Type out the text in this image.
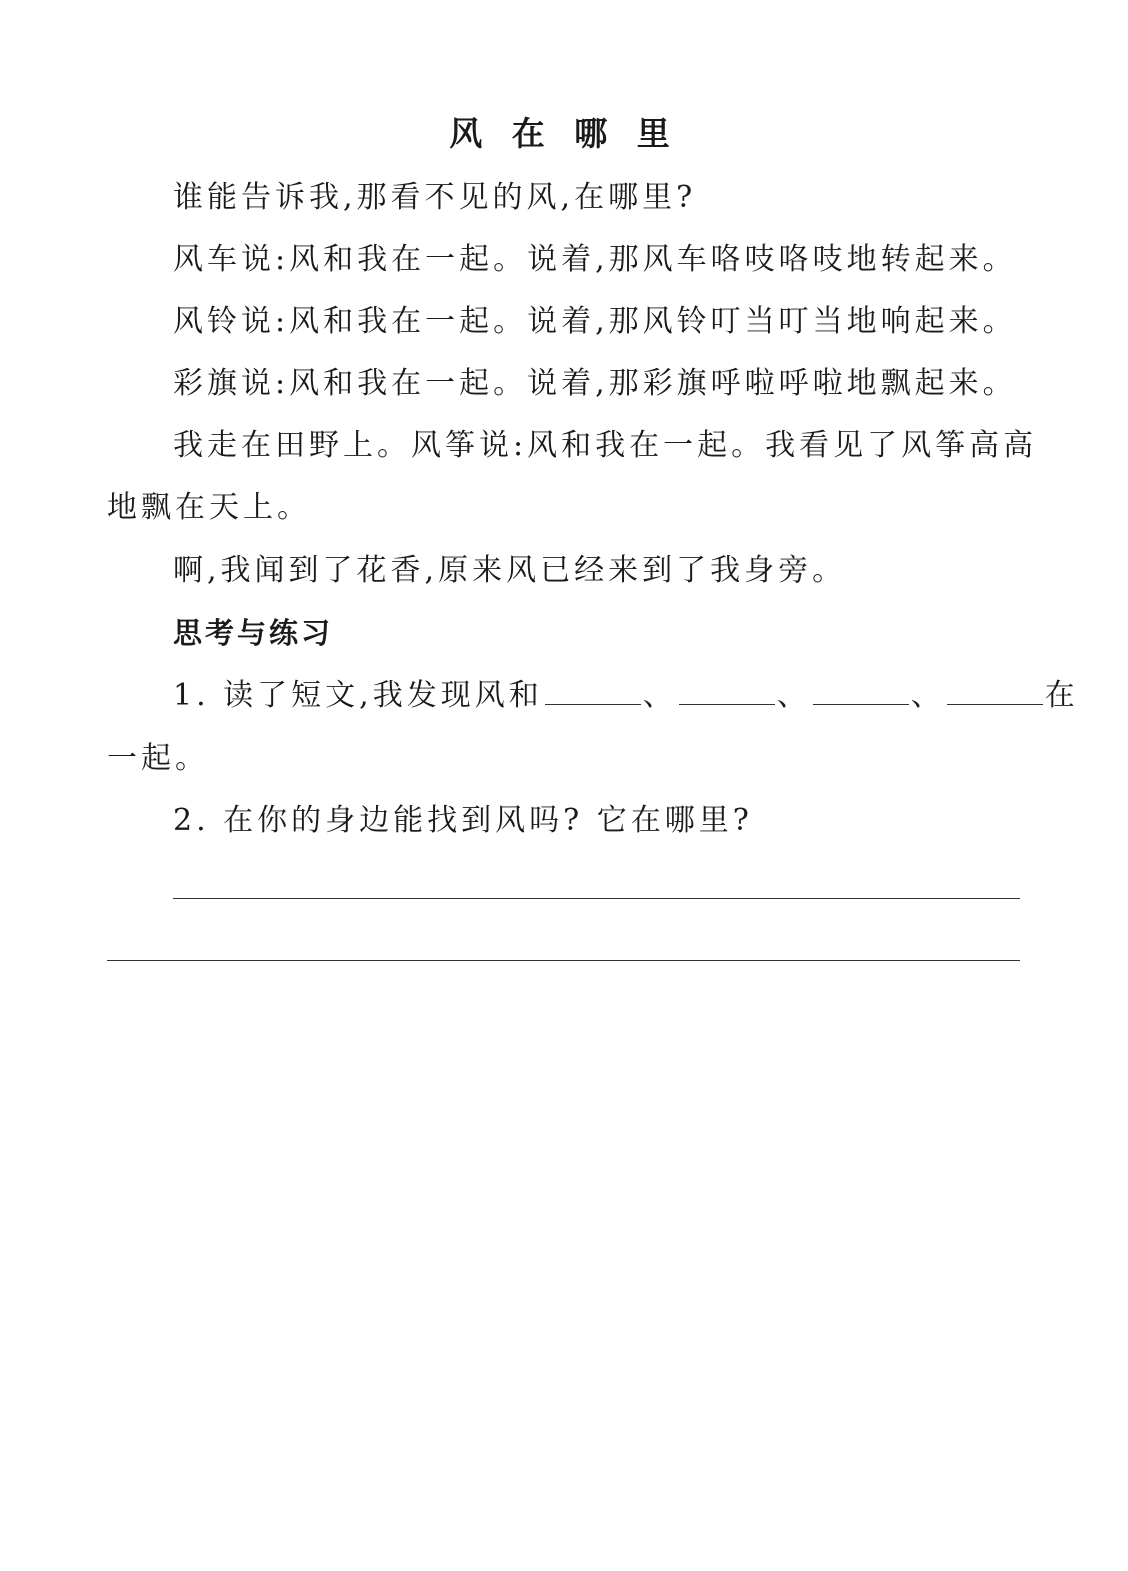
风 在 哪 里
谁能告诉我,那看不见的风,在哪里?
风车说:风和我在一起。说着,那风车咯吱咯吱地转起来。
风铃说:风和我在一起。说着,那风铃叮当叮当地响起来。
彩旗说:风和我在一起。说着,那彩旗呼啦呼啦地飘起来。
我走在田野上。风筝说:风和我在一起。我看见了风筝高高
地飘在天上。
啊,我闻到了花香,原来风已经来到了我身旁。
思考与练习
1. 读了短文,我发现风和	、	、	、	在
一起。
2. 在你的身边能找到风吗? 它在哪里?
